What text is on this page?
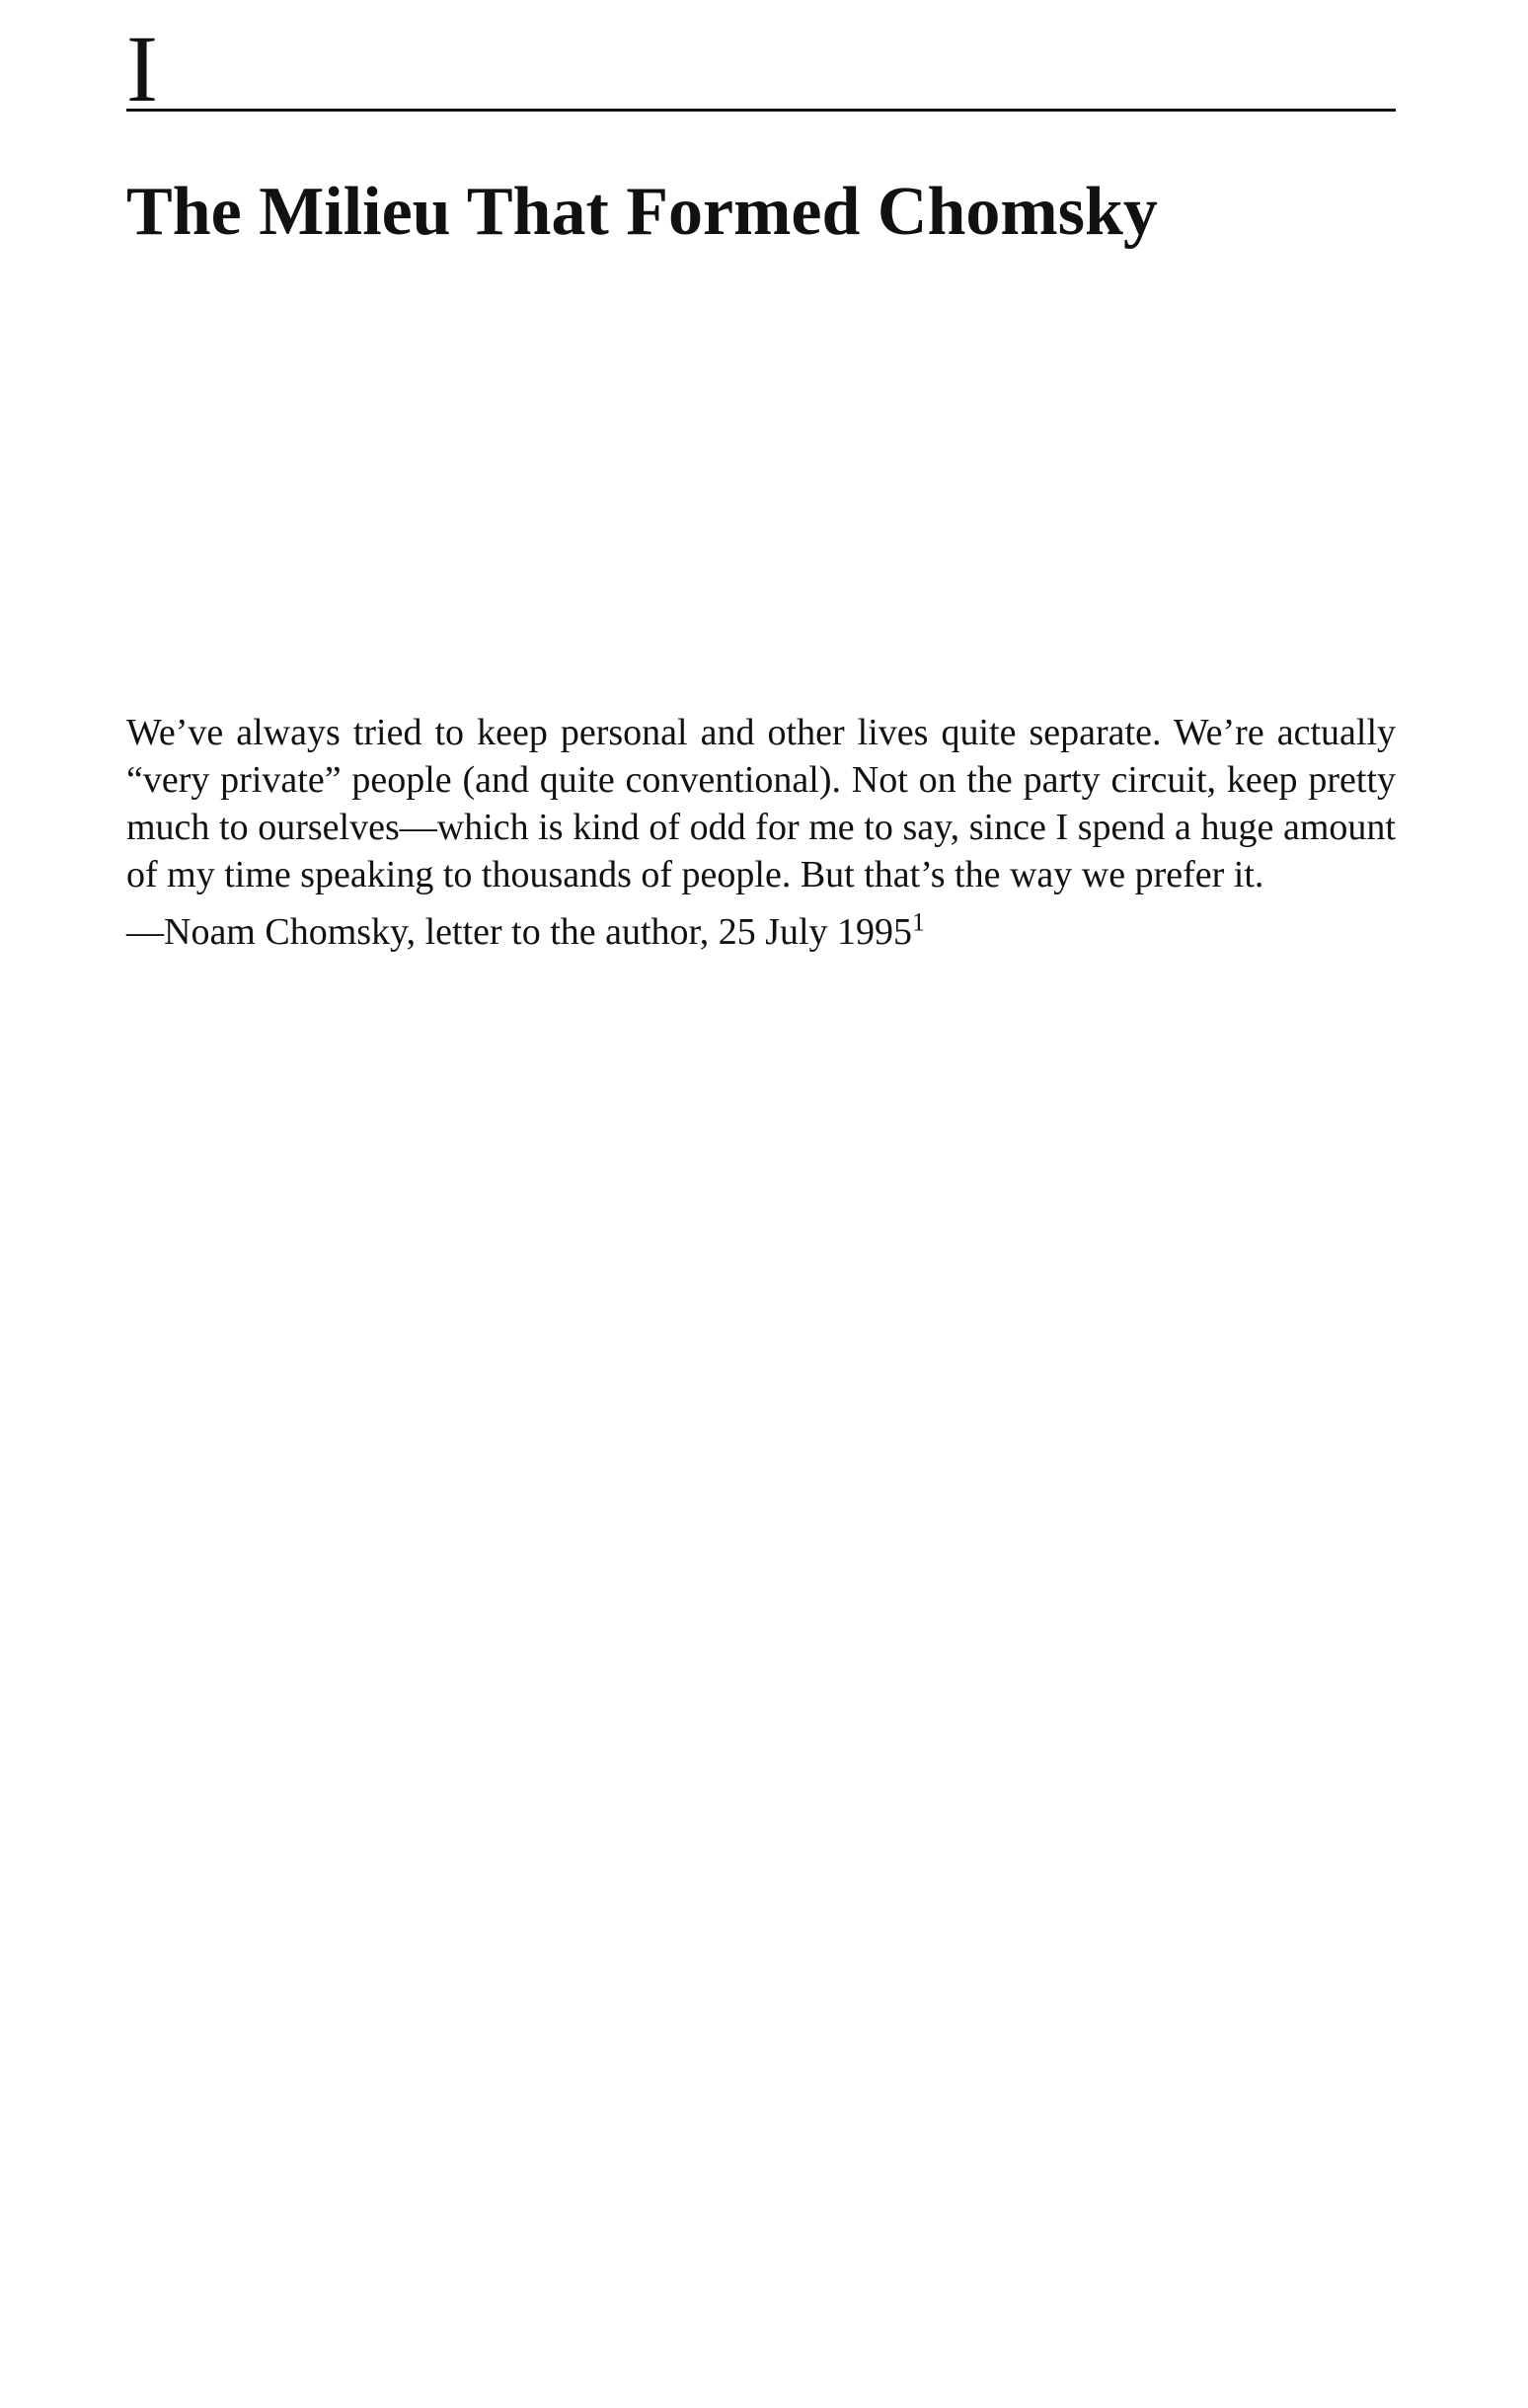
I
The Milieu That Formed Chomsky

We’ve always tried to keep personal and other lives quite separate. We’re actually “very private” people (and quite conventional). Not on the party circuit, keep pretty much to ourselves—which is kind of odd for me to say, since I spend a huge amount of my time speaking to thousands of people. But that’s the way we prefer it.

—Noam Chomsky, letter to the author, 25 July 1995$^1$
